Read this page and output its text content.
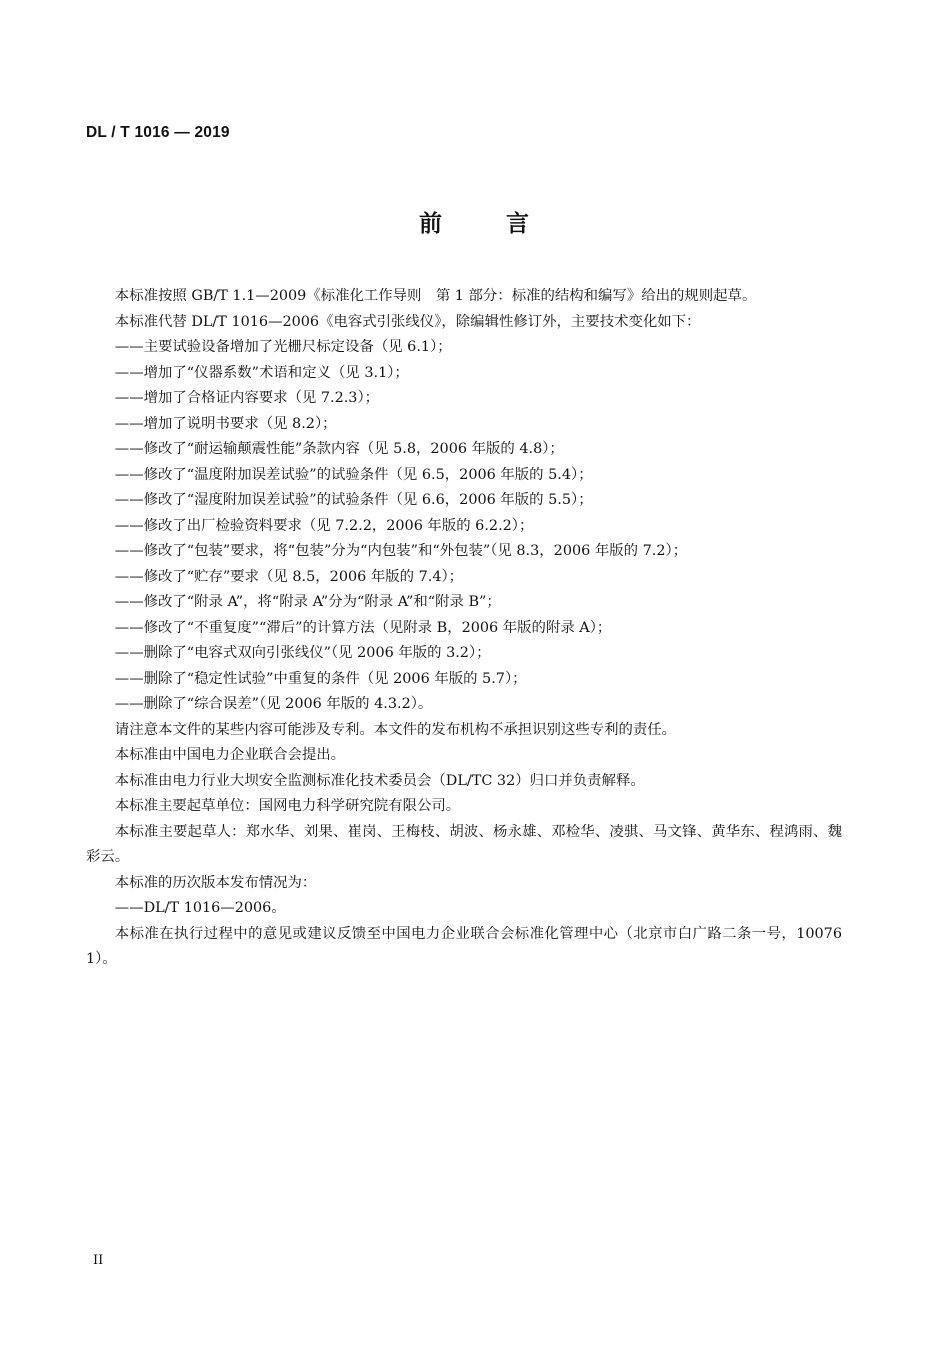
DL / T 1016 — 2019
前 言

本标准按照 GB/T 1.1—2009《标准化工作导则　第 1 部分：标准的结构和编写》给出的规则起草。

本标准代替 DL/T 1016—2006《电容式引张线仪》，除编辑性修订外，主要技术变化如下：

——主要试验设备增加了光栅尺标定设备（见 6.1）；

——增加了“仪器系数”术语和定义（见 3.1）；

——增加了合格证内容要求（见 7.2.3）；

——增加了说明书要求（见 8.2）；

——修改了“耐运输颠震性能”条款内容（见 5.8，2006 年版的 4.8）；

——修改了“温度附加误差试验”的试验条件（见 6.5，2006 年版的 5.4）；

——修改了“湿度附加误差试验”的试验条件（见 6.6，2006 年版的 5.5）；

——修改了出厂检验资料要求（见 7.2.2，2006 年版的 6.2.2）；

——修改了“包装”要求，将“包装”分为“内包装”和“外包装”（见 8.3，2006 年版的 7.2）；

——修改了“贮存”要求（见 8.5，2006 年版的 7.4）；

——修改了“附录 A”，将“附录 A”分为“附录 A”和“附录 B”；

——修改了“不重复度”“滞后”的计算方法（见附录 B，2006 年版的附录 A）；

——删除了“电容式双向引张线仪”（见 2006 年版的 3.2）；

——删除了“稳定性试验”中重复的条件（见 2006 年版的 5.7）；

——删除了“综合误差”（见 2006 年版的 4.3.2）。

请注意本文件的某些内容可能涉及专利。本文件的发布机构不承担识别这些专利的责任。

本标准由中国电力企业联合会提出。

本标准由电力行业大坝安全监测标准化技术委员会（DL/TC 32）归口并负责解释。

本标准主要起草单位：国网电力科学研究院有限公司。

本标准主要起草人：郑水华、刘果、崔岗、王梅枝、胡波、杨永雄、邓检华、凌骐、马文锋、黄华东、程鸿雨、魏彩云。

本标准的历次版本发布情况为：

——DL/T 1016—2006。

本标准在执行过程中的意见或建议反馈至中国电力企业联合会标准化管理中心（北京市白广路二条一号，100761）。

II
